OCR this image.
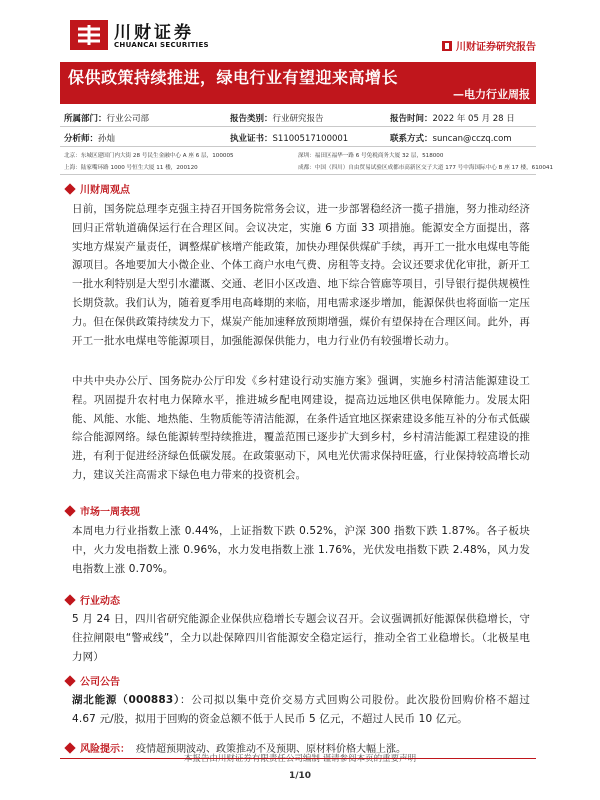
川财证券
CHUANCAI SECURITIES	川财证券研究报告
保供政策持续推进，绿电行业有望迎来高增长
—电力行业周报
所属部门：行业公司部	报告类别：行业研究报告	报告时间：2022 年 05 月 28 日
分析师：孙灿	执业证书：S1100517100001	联系方式：suncan@cczq.com
北京：东城区建国门内大街 28 号民生金融中心 A 座 6 层，100005	深圳：福田区福华一路 6 号免税商务大厦 32 层，518000
上海：陆家嘴环路 1000 号恒生大厦 11 楼，200120	成都：中国（四川）自由贸易试验区成都市高新区交子大道 177 号中海国际中心 B 座 17 楼，610041
川财周观点
日前，国务院总理李克强主持召开国务院常务会议，进一步部署稳经济一揽子措施，努力推动经济回归正常轨道确保运行在合理区间。会议决定，实施 6 方面 33 项措施。能源安全方面提出，落实地方煤炭产量责任，调整煤矿核增产能政策，加快办理保供煤矿手续，再开工一批水电煤电等能源项目。各地要加大小微企业、个体工商户水电气费、房租等支持。会议还要求优化审批，新开工一批水利特别是大型引水灌溉、交通、老旧小区改造、地下综合管廊等项目，引导银行提供规模性长期贷款。我们认为，随着夏季用电高峰期的来临，用电需求逐步增加，能源保供也将面临一定压力。但在保供政策持续发力下，煤炭产能加速释放预期增强，煤价有望保持在合理区间。此外，再开工一批水电煤电等能源项目，加强能源保供能力，电力行业仍有较强增长动力。
中共中央办公厅、国务院办公厅印发《乡村建设行动实施方案》强调，实施乡村清洁能源建设工程。巩固提升农村电力保障水平，推进城乡配电网建设，提高边远地区供电保障能力。发展太阳能、风能、水能、地热能、生物质能等清洁能源，在条件适宜地区探索建设多能互补的分布式低碳综合能源网络。绿色能源转型持续推进，覆盖范围已逐步扩大到乡村，乡村清洁能源工程建设的推进，有利于促进经济绿色低碳发展。在政策驱动下，风电光伏需求保持旺盛，行业保持较高增长动力，建议关注高需求下绿色电力带来的投资机会。
市场一周表现
本周电力行业指数上涨 0.44%，上证指数下跌 0.52%，沪深 300 指数下跌 1.87%。各子板块中，火力发电指数上涨 0.96%，水力发电指数上涨 1.76%，光伏发电指数下跌 2.48%，风力发电指数上涨 0.70%。
行业动态
5 月 24 日，四川省研究能源企业保供应稳增长专题会议召开。会议强调抓好能源保供稳增长，守住拉闸限电“警戒线”，全力以赴保障四川省能源安全稳定运行，推动全省工业稳增长。（北极星电力网）
公司公告
湖北能源（000883）：公司拟以集中竞价交易方式回购公司股份。此次股份回购价格不超过 4.67 元/股，拟用于回购的资金总额不低于人民币 5 亿元，不超过人民币 10 亿元。
风险提示： 疫情超预期波动、政策推动不及预期、原材料价格大幅上涨。
本报告由川财证券有限责任公司编制 谨请参阅本页的重要声明
1/10
